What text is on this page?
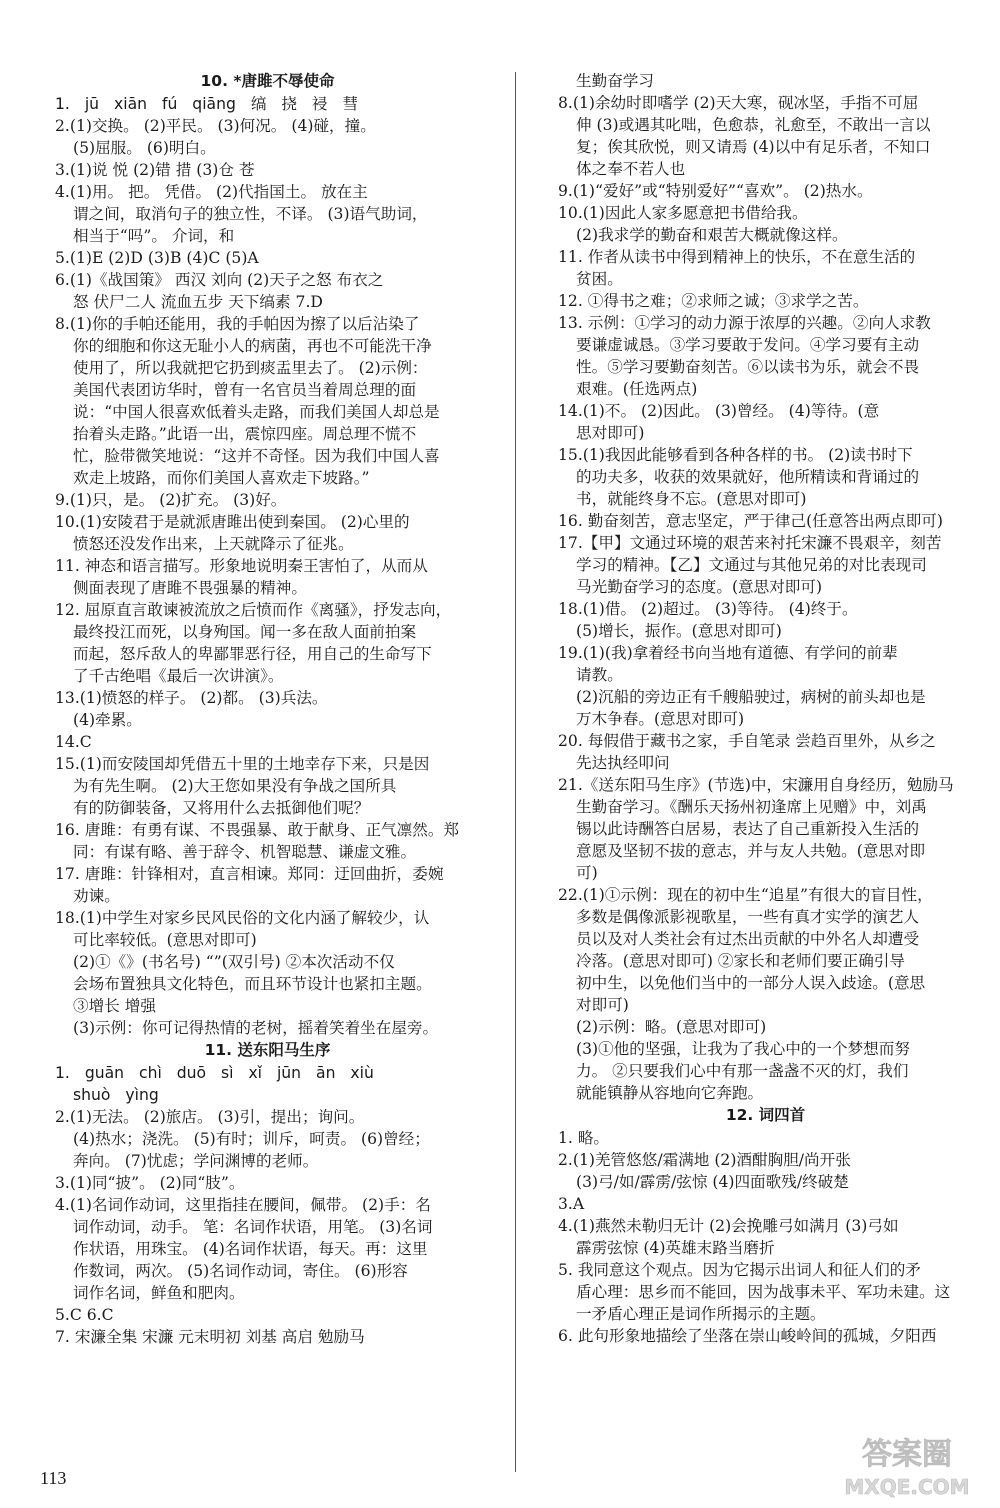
10. *唐雎不辱使命
1. jū xiān fú qiāng 缟 挠 祲 彗
2.(1)交换。 (2)平民。 (3)何况。 (4)碰，撞。
(5)屈服。 (6)明白。
3.(1)说 悦 (2)错 措 (3)仓 苍
4.(1)用。 把。 凭借。 (2)代指国土。 放在主
谓之间，取消句子的独立性，不译。 (3)语气助词，
相当于“吗”。 介词，和
5.(1)E (2)D (3)B (4)C (5)A
6.(1)《战国策》 西汉 刘向 (2)天子之怒 布衣之
怒 伏尸二人 流血五步 天下缟素 7.D
8.(1)你的手帕还能用，我的手帕因为擦了以后沾染了
你的细胞和你这无耻小人的病菌，再也不可能洗干净
使用了，所以我就把它扔到痰盂里去了。 (2)示例：
美国代表团访华时，曾有一名官员当着周总理的面
说：“中国人很喜欢低着头走路，而我们美国人却总是
抬着头走路。”此语一出，震惊四座。周总理不慌不
忙，脸带微笑地说：“这并不奇怪。因为我们中国人喜
欢走上坡路，而你们美国人喜欢走下坡路。”
9.(1)只，是。 (2)扩充。 (3)好。
10.(1)安陵君于是就派唐雎出使到秦国。 (2)心里的
愤怒还没发作出来，上天就降示了征兆。
11. 神态和语言描写。形象地说明秦王害怕了，从而从
侧面表现了唐雎不畏强暴的精神。
12. 屈原直言敢谏被流放之后愤而作《离骚》，抒发志向，
最终投江而死，以身殉国。闻一多在敌人面前拍案
而起，怒斥敌人的卑鄙罪恶行径，用自己的生命写下
了千古绝唱《最后一次讲演》。
13.(1)愤怒的样子。 (2)都。 (3)兵法。
(4)牵累。
14.C
15.(1)而安陵国却凭借五十里的土地幸存下来，只是因
为有先生啊。 (2)大王您如果没有争战之国所具
有的防御装备，又将用什么去抵御他们呢？
16. 唐雎：有勇有谋、不畏强暴、敢于献身、正气凛然。郑
同：有谋有略、善于辞令、机智聪慧、谦虚文雅。
17. 唐雎：针锋相对，直言相谏。郑同：迂回曲折，委婉
劝谏。
18.(1)中学生对家乡民风民俗的文化内涵了解较少，认
可比率较低。(意思对即可)
(2)①《》(书名号) “”(双引号) ②本次活动不仅
会场布置独具文化特色，而且环节设计也紧扣主题。
③增长 增强
(3)示例：你可记得热情的老树，摇着笑着坐在屋旁。
11. 送东阳马生序
1. guān chì duō sì xǐ jūn ān xiù
shuò yìng
2.(1)无法。 (2)旅店。 (3)引，提出；询问。
(4)热水；浇洗。 (5)有时；训斥，呵责。 (6)曾经；
奔向。 (7)忧虑；学问渊博的老师。
3.(1)同“披”。 (2)同“肢”。
4.(1)名词作动词，这里指挂在腰间，佩带。 (2)手：名
词作动词，动手。 笔：名词作状语，用笔。 (3)名词
作状语，用珠宝。 (4)名词作状语，每天。再：这里
作数词，两次。 (5)名词作动词，寄住。 (6)形容
词作名词，鲜鱼和肥肉。
5.C 6.C
7. 宋濂全集 宋濂 元末明初 刘基 高启 勉励马
生勤奋学习
8.(1)余幼时即嗜学 (2)天大寒，砚冰坚，手指不可屈
伸 (3)或遇其叱咄，色愈恭，礼愈至，不敢出一言以
复；俟其欣悦，则又请焉 (4)以中有足乐者，不知口
体之奉不若人也
9.(1)“爱好”或“特别爱好”“喜欢”。 (2)热水。
10.(1)因此人家多愿意把书借给我。
(2)我求学的勤奋和艰苦大概就像这样。
11. 作者从读书中得到精神上的快乐，不在意生活的
贫困。
12. ①得书之难；②求师之诚；③求学之苦。
13. 示例：①学习的动力源于浓厚的兴趣。②向人求教
要谦虚诚恳。③学习要敢于发问。④学习要有主动
性。⑤学习要勤奋刻苦。⑥以读书为乐，就会不畏
艰难。(任选两点)
14.(1)不。 (2)因此。 (3)曾经。 (4)等待。(意
思对即可)
15.(1)我因此能够看到各种各样的书。 (2)读书时下
的功夫多，收获的效果就好，他所精读和背诵过的
书，就能终身不忘。(意思对即可)
16. 勤奋刻苦，意志坚定，严于律己(任意答出两点即可)
17.【甲】文通过环境的艰苦来衬托宋濂不畏艰辛，刻苦
学习的精神。【乙】文通过与其他兄弟的对比表现司
马光勤奋学习的态度。(意思对即可)
18.(1)借。 (2)超过。 (3)等待。 (4)终于。
(5)增长，振作。(意思对即可)
19.(1)(我)拿着经书向当地有道德、有学问的前辈
请教。
(2)沉船的旁边正有千艘船驶过，病树的前头却也是
万木争春。(意思对即可)
20. 每假借于藏书之家，手自笔录 尝趋百里外，从乡之
先达执经叩问
21.《送东阳马生序》(节选)中，宋濂用自身经历，勉励马
生勤奋学习。《酬乐天扬州初逢席上见赠》中，刘禹
锡以此诗酬答白居易，表达了自己重新投入生活的
意愿及坚韧不拔的意志，并与友人共勉。(意思对即
可)
22.(1)①示例：现在的初中生“追星”有很大的盲目性，
多数是偶像派影视歌星，一些有真才实学的演艺人
员以及对人类社会有过杰出贡献的中外名人却遭受
冷落。(意思对即可) ②家长和老师们要正确引导
初中生，以免他们当中的一部分人误入歧途。(意思
对即可)
(2)示例：略。(意思对即可)
(3)①他的坚强，让我为了我心中的一个梦想而努
力。 ②只要我们心中有那一盏盏不灭的灯，我们
就能镇静从容地向它奔跑。
12. 词四首
1. 略。
2.(1)羌管悠悠/霜满地 (2)酒酣胸胆/尚开张
(3)弓/如/霹雳/弦惊 (4)四面歌残/终破楚
3.A
4.(1)燕然未勒归无计 (2)会挽雕弓如满月 (3)弓如
霹雳弦惊 (4)英雄末路当磨折
5. 我同意这个观点。因为它揭示出词人和征人们的矛
盾心理：思乡而不能回，因为战事未平、军功未建。这
一矛盾心理正是词作所揭示的主题。
6. 此句形象地描绘了坐落在崇山峻岭间的孤城，夕阳西
113
答案圈
MXQE.COM
